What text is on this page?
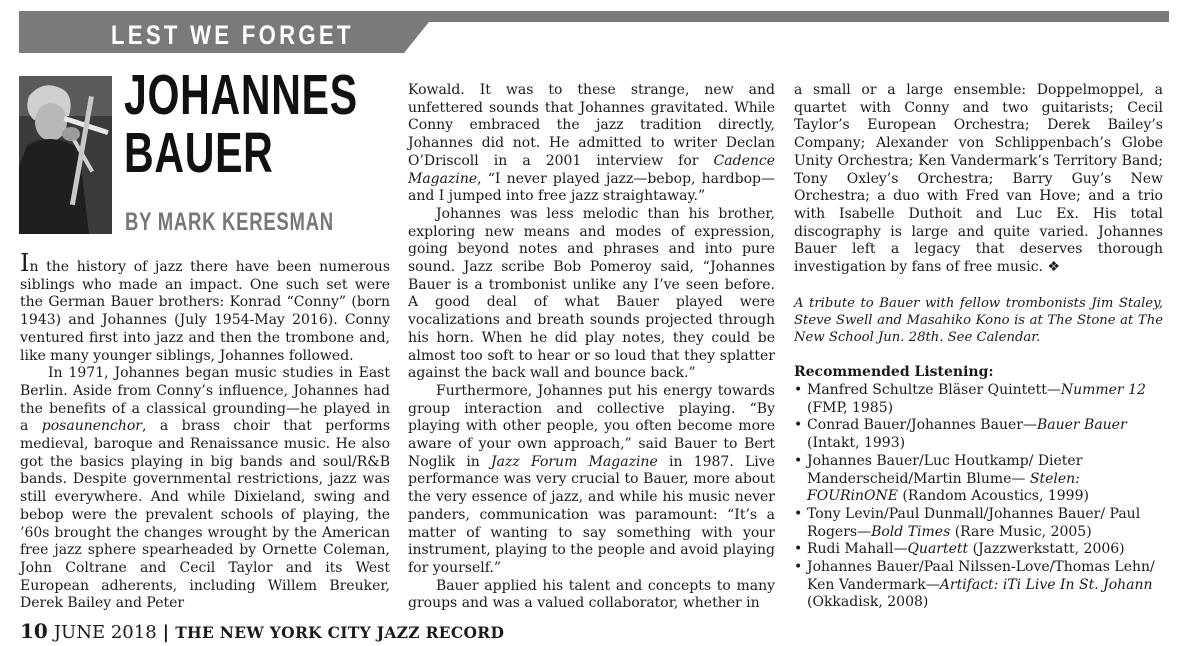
LEST WE FORGET
JOHANNES
BAUER
BY MARK KERESMAN

In the history of jazz there have been numerous siblings who made an impact. One such set were the German Bauer brothers: Konrad “Conny” (born 1943) and Johannes (July 1954-May 2016). Conny ventured first into jazz and then the trombone and, like many younger siblings, Johannes followed.

In 1971, Johannes began music studies in East Berlin. Aside from Conny’s influence, Johannes had the benefits of a classical grounding—he played in a posaunenchor, a brass choir that performs medieval, baroque and Renaissance music. He also got the basics playing in big bands and soul/R&B bands. Despite governmental restrictions, jazz was still everywhere. And while Dixieland, swing and bebop were the prevalent schools of playing, the ’60s brought the changes wrought by the American free jazz sphere spearheaded by Ornette Coleman, John Coltrane and Cecil Taylor and its West European adherents, including Willem Breuker, Derek Bailey and Peter

Kowald. It was to these strange, new and unfettered sounds that Johannes gravitated. While Conny embraced the jazz tradition directly, Johannes did not. He admitted to writer Declan O’Driscoll in a 2001 interview for Cadence Magazine, “I never played jazz—bebop, hardbop—and I jumped into free jazz straightaway.”

Johannes was less melodic than his brother, exploring new means and modes of expression, going beyond notes and phrases and into pure sound. Jazz scribe Bob Pomeroy said, “Johannes Bauer is a trombonist unlike any I’ve seen before. A good deal of what Bauer played were vocalizations and breath sounds projected through his horn. When he did play notes, they could be almost too soft to hear or so loud that they splatter against the back wall and bounce back.”

Furthermore, Johannes put his energy towards group interaction and collective playing. “By playing with other people, you often become more aware of your own approach,” said Bauer to Bert Noglik in Jazz Forum Magazine in 1987. Live performance was very crucial to Bauer, more about the very essence of jazz, and while his music never panders, communication was paramount: “It’s a matter of wanting to say something with your instrument, playing to the people and avoid playing for yourself.”

Bauer applied his talent and concepts to many groups and was a valued collaborator, whether in

a small or a large ensemble: Doppelmoppel, a quartet with Conny and two guitarists; Cecil Taylor’s European Orchestra; Derek Bailey’s Company; Alexander von Schlippenbach’s Globe Unity Orchestra; Ken Vandermark’s Territory Band; Tony Oxley’s Orchestra; Barry Guy’s New Orchestra; a duo with Fred van Hove; and a trio with Isabelle Duthoit and Luc Ex. His total discography is large and quite varied. Johannes Bauer left a legacy that deserves thorough investigation by fans of free music. ❖

A tribute to Bauer with fellow trombonists Jim Staley, Steve Swell and Masahiko Kono is at The Stone at The New School Jun. 28th. See Calendar.

Recommended Listening:

• Manfred Schultze Bläser Quintett—Nummer 12 (FMP, 1985)
• Conrad Bauer/Johannes Bauer—Bauer Bauer (Intakt, 1993)
• Johannes Bauer/Luc Houtkamp/ Dieter Manderscheid/Martin Blume— Stelen: FOURinONE (Random Acoustics, 1999)
• Tony Levin/Paul Dunmall/Johannes Bauer/ Paul Rogers—Bold Times (Rare Music, 2005)
• Rudi Mahall—Quartett (Jazzwerkstatt, 2006)
• Johannes Bauer/Paal Nilssen-Love/Thomas Lehn/ Ken Vandermark—Artifact: iTi Live In St. Johann (Okkadisk, 2008)
10 JUNE 2018 | THE NEW YORK CITY JAZZ RECORD
